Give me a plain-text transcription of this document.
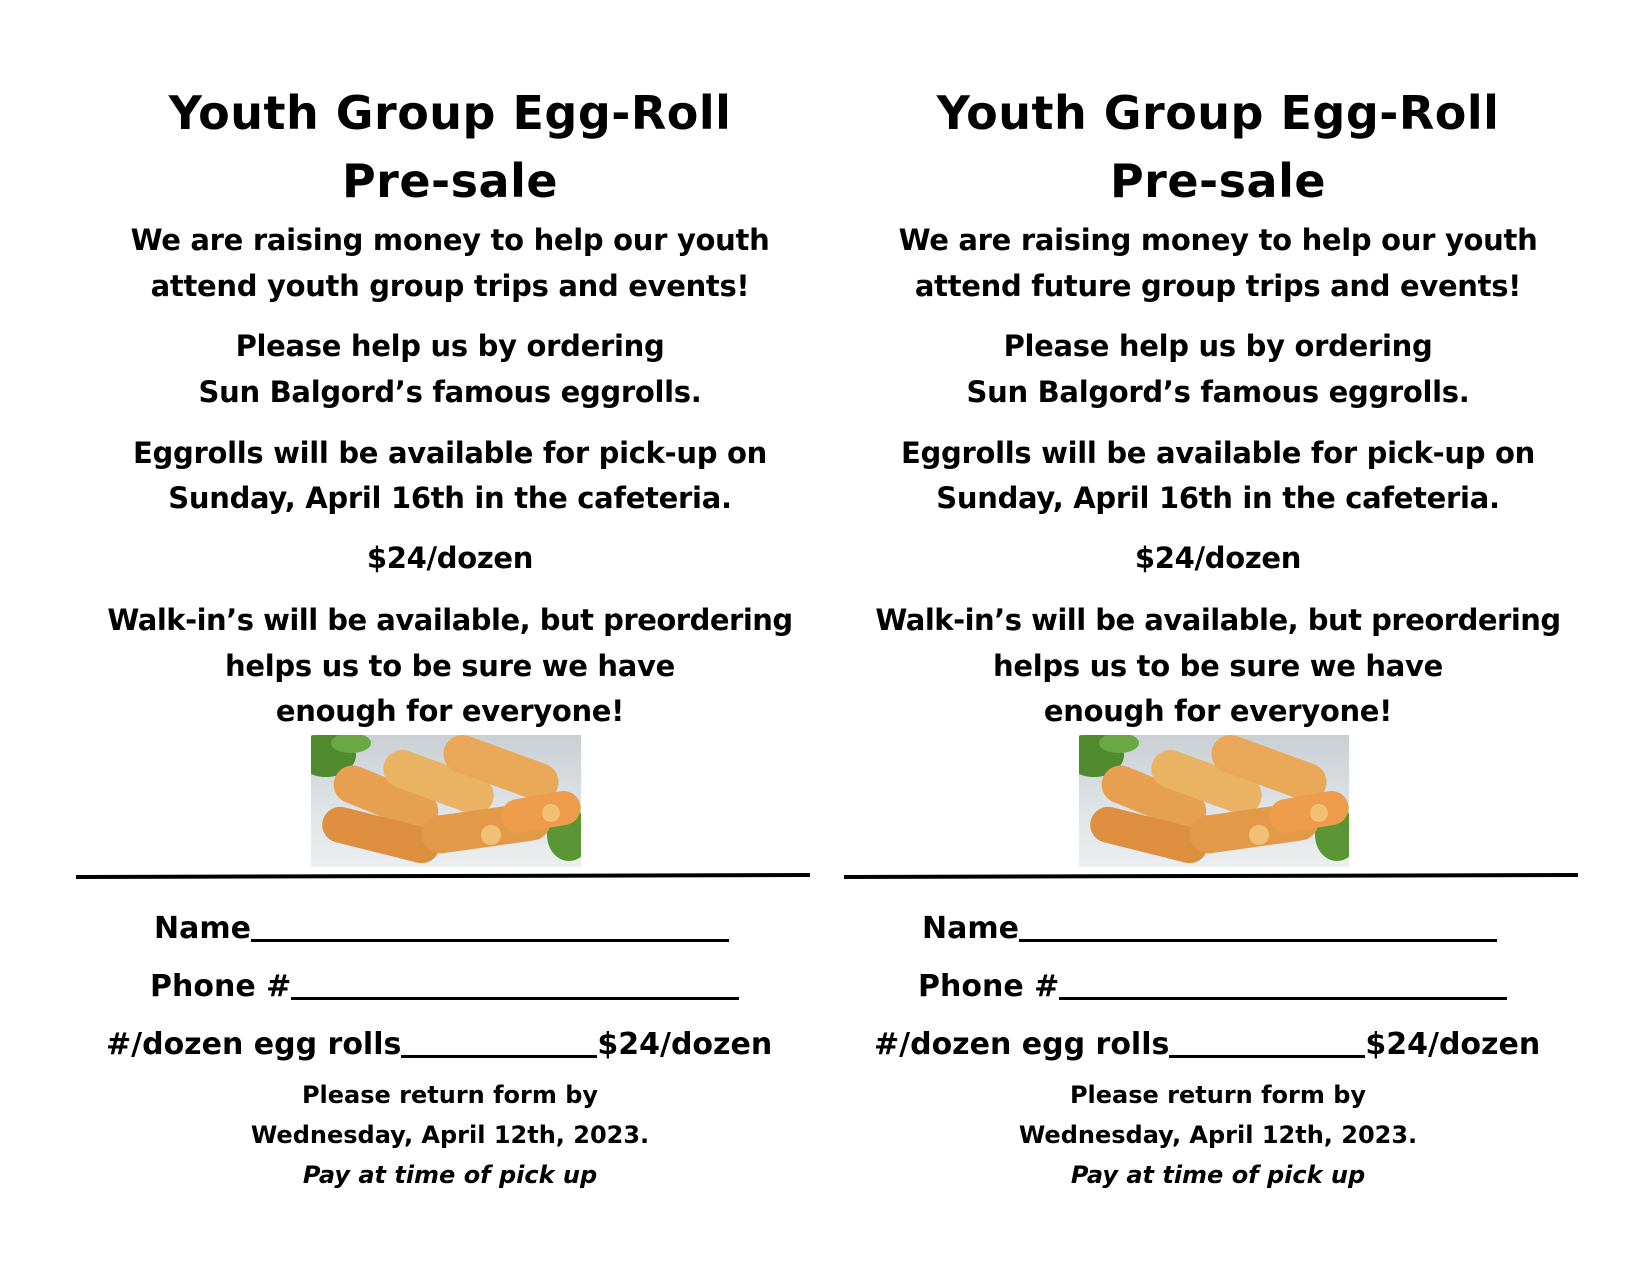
Youth Group Egg-Roll
Pre-sale
We are raising money to help our youth
attend youth group trips and events!
Please help us by ordering
Sun Balgord’s famous eggrolls.
Eggrolls will be available for pick-up on
Sunday, April 16th in the cafeteria.
$24/dozen
Walk-in’s will be available, but preordering
helps us to be sure we have
enough for everyone!
Name
Phone #
#/dozen egg rolls	$24/dozen
Please return form by
Wednesday, April 12th, 2023.
Pay at time of pick up
Youth Group Egg-Roll
Pre-sale
We are raising money to help our youth
attend future group trips and events!
Please help us by ordering
Sun Balgord’s famous eggrolls.
Eggrolls will be available for pick-up on
Sunday, April 16th in the cafeteria.
$24/dozen
Walk-in’s will be available, but preordering
helps us to be sure we have
enough for everyone!
Name
Phone #
#/dozen egg rolls	$24/dozen
Please return form by
Wednesday, April 12th, 2023.
Pay at time of pick up
